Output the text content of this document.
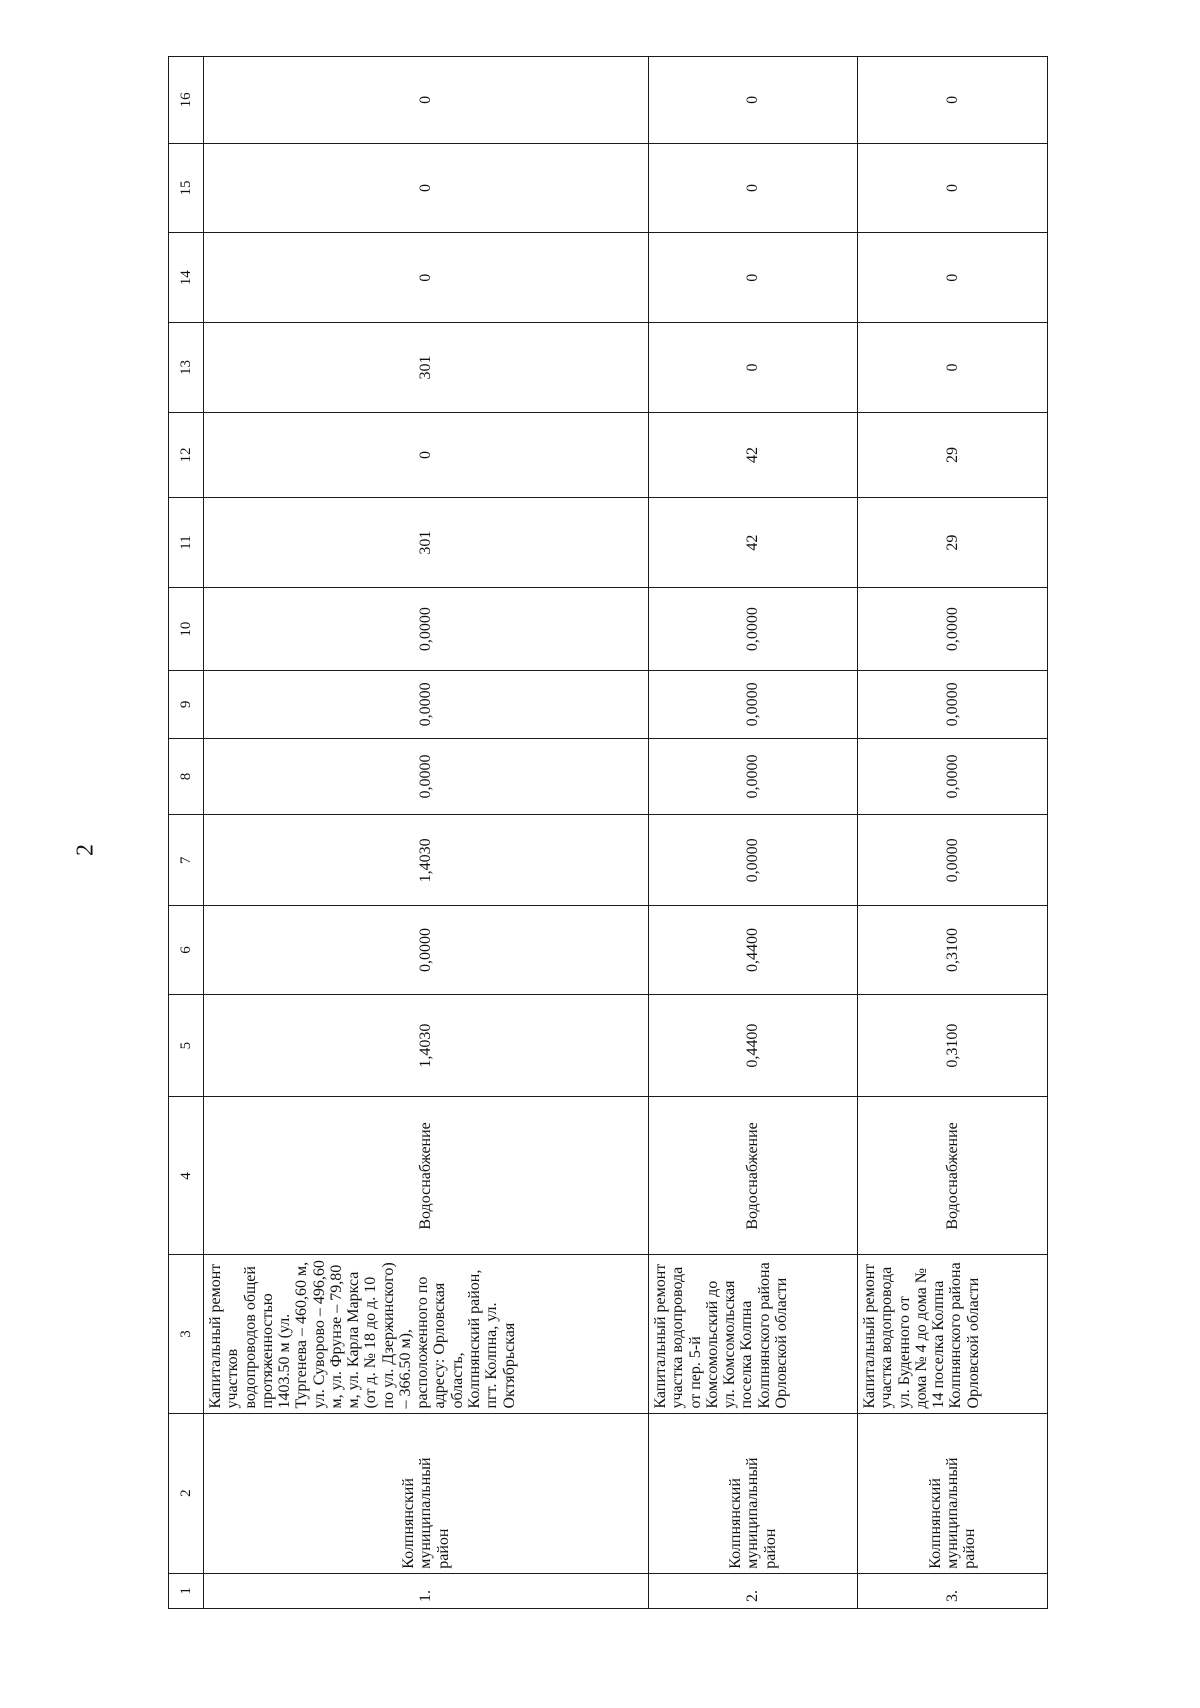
2
1	2	3	4	5	6	7	8	9	10	11	12	13	14	15	16
1.	Колпнянский муниципальный район	Капитальный ремонт участков водопроводов общей протяженностью 1403.50 м (ул. Тургенева – 460,60 м, ул. Суворово – 496,60 м, ул. Фрунзе – 79,80 м, ул. Карла Маркса (от д. № 18 до д. 10 по ул. Дзержинского) – 366.50 м), расположенного по адресу: Орловская область, Колпнянский район, пгт. Колпна, ул. Октябрьская	Водоснабжение	1,4030	0,0000	1,4030	0,0000	0,0000	0,0000	301	0	301	0	0	0
2.	Колпнянский муниципальный район	Капитальный ремонт участка водопровода от пер. 5-й Комсомольский до ул. Комсомольская поселка Колпна Колпнянского района Орловской области	Водоснабжение	0,4400	0,4400	0,0000	0,0000	0,0000	0,0000	42	42	0	0	0	0
3.	Колпнянский муниципальный район	Капитальный ремонт участка водопровода ул. Буденного от дома № 4 до дома № 14 поселка Колпна Колпнянского района Орловской области	Водоснабжение	0,3100	0,3100	0,0000	0,0000	0,0000	0,0000	29	29	0	0	0	0
